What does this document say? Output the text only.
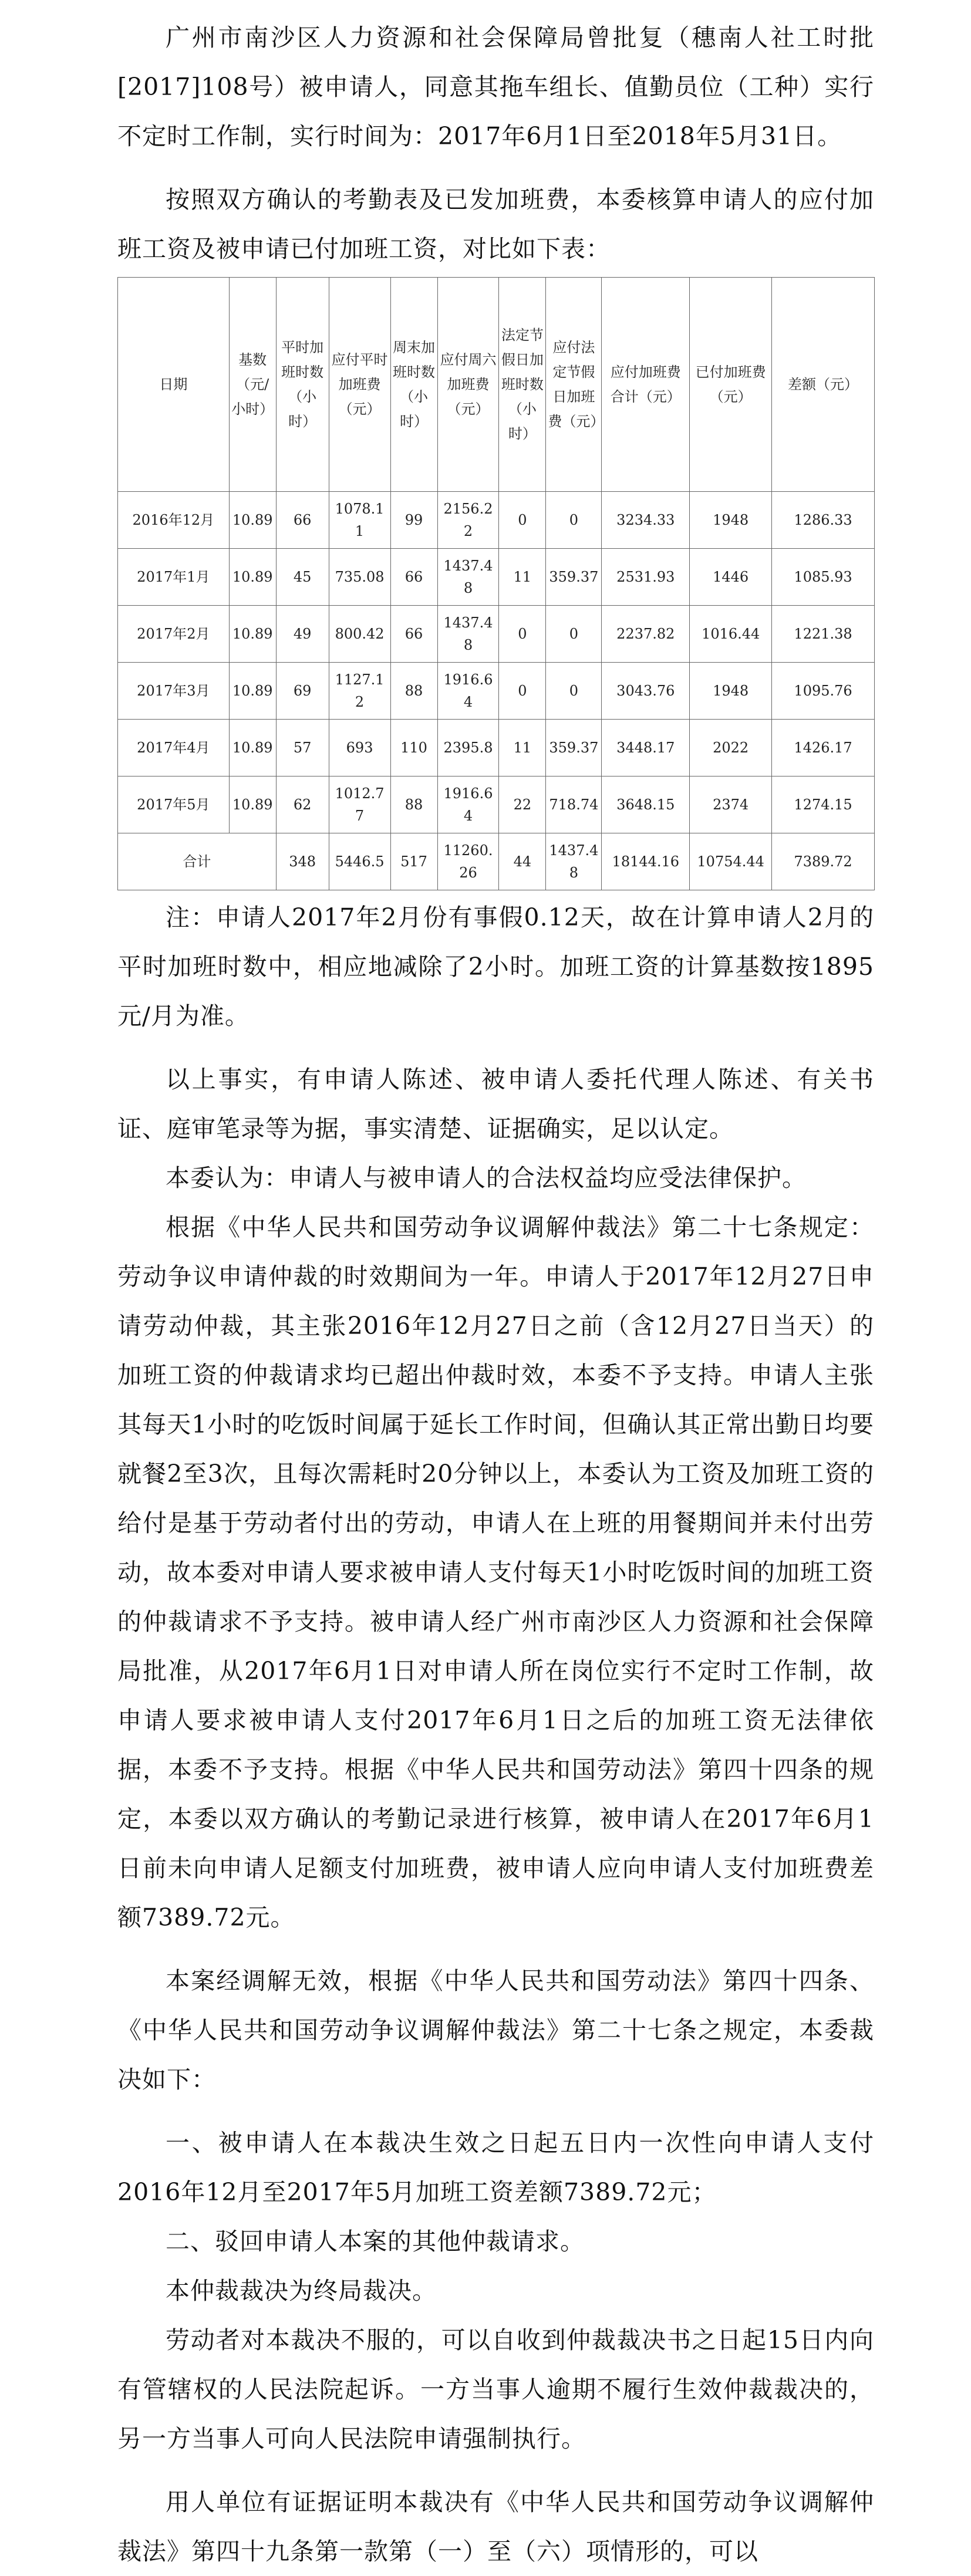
广州市南沙区人力资源和社会保障局曾批复（穗南人社工时批[2017]108号）被申请人，同意其拖车组长、值勤员位（工种）实行不定时工作制，实行时间为：2017年6月1日至2018年5月31日。

按照双方确认的考勤表及已发加班费，本委核算申请人的应付加班工资及被申请已付加班工资，对比如下表：

日期	基数（元/小时）	平时加班时数（小时）	应付平时加班费（元）	周末加班时数（小时）	应付周六加班费（元）	法定节假日加班时数（小时）	应付法定节假日加班费（元）	应付加班费合计（元）	已付加班费（元）	差额（元）
2016年12月	10.89	66	1078.11	99	2156.22	0	0	3234.33	1948	1286.33
2017年1月	10.89	45	735.08	66	1437.48	11	359.37	2531.93	1446	1085.93
2017年2月	10.89	49	800.42	66	1437.48	0	0	2237.82	1016.44	1221.38
2017年3月	10.89	69	1127.12	88	1916.64	0	0	3043.76	1948	1095.76
2017年4月	10.89	57	693	110	2395.8	11	359.37	3448.17	2022	1426.17
2017年5月	10.89	62	1012.77	88	1916.64	22	718.74	3648.15	2374	1274.15
合计		348	5446.5	517	11260.26	44	1437.48	18144.16	10754.44	7389.72

注：申请人2017年2月份有事假0.12天，故在计算申请人2月的平时加班时数中，相应地减除了2小时。加班工资的计算基数按1895元/月为准。

以上事实，有申请人陈述、被申请人委托代理人陈述、有关书证、庭审笔录等为据，事实清楚、证据确实，足以认定。

本委认为：申请人与被申请人的合法权益均应受法律保护。

根据《中华人民共和国劳动争议调解仲裁法》第二十七条规定：劳动争议申请仲裁的时效期间为一年。申请人于2017年12月27日申请劳动仲裁，其主张2016年12月27日之前（含12月27日当天）的加班工资的仲裁请求均已超出仲裁时效，本委不予支持。申请人主张其每天1小时的吃饭时间属于延长工作时间，但确认其正常出勤日均要就餐2至3次，且每次需耗时20分钟以上，本委认为工资及加班工资的给付是基于劳动者付出的劳动，申请人在上班的用餐期间并未付出劳动，故本委对申请人要求被申请人支付每天1小时吃饭时间的加班工资的仲裁请求不予支持。被申请人经广州市南沙区人力资源和社会保障局批准，从2017年6月1日对申请人所在岗位实行不定时工作制，故申请人要求被申请人支付2017年6月1日之后的加班工资无法律依据，本委不予支持。根据《中华人民共和国劳动法》第四十四条的规定，本委以双方确认的考勤记录进行核算，被申请人在2017年6月1日前未向申请人足额支付加班费，被申请人应向申请人支付加班费差额7389.72元。

本案经调解无效，根据《中华人民共和国劳动法》第四十四条、《中华人民共和国劳动争议调解仲裁法》第二十七条之规定，本委裁决如下：

一、被申请人在本裁决生效之日起五日内一次性向申请人支付2016年12月至2017年5月加班工资差额7389.72元；

二、驳回申请人本案的其他仲裁请求。

本仲裁裁决为终局裁决。

劳动者对本裁决不服的，可以自收到仲裁裁决书之日起15日内向有管辖权的人民法院起诉。一方当事人逾期不履行生效仲裁裁决的，另一方当事人可向人民法院申请强制执行。

用人单位有证据证明本裁决有《中华人民共和国劳动争议调解仲裁法》第四十九条第一款第（一）至（六）项情形的，可以
